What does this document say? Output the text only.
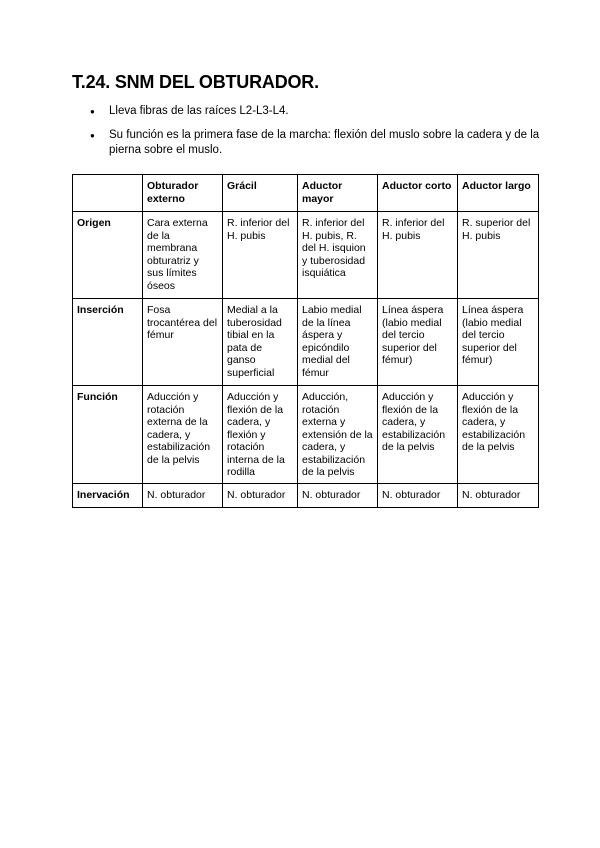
T.24. SNM DEL OBTURADOR.
● Lleva fibras de las raíces L2-L3-L4.
● Su función es la primera fase de la marcha: flexión del muslo sobre la cadera y de la pierna sobre el muslo.
	Obturador externo	Grácil	Aductor mayor	Aductor corto	Aductor largo
Origen	Cara externa de la membrana obturatriz y sus límites óseos	R. inferior del H. pubis	R. inferior del H. pubis, R. del H. isquion y tuberosidad isquiática	R. inferior del H. pubis	R. superior del H. pubis
Inserción	Fosa trocantérea del fémur	Medial a la tuberosidad tibial en la pata de ganso superficial	Labio medial de la línea áspera y epicóndilo medial del fémur	Línea áspera (labio medial del tercio superior del fémur)	Línea áspera (labio medial del tercio superior del fémur)
Función	Aducción y rotación externa de la cadera, y estabilización de la pelvis	Aducción y flexión de la cadera, y flexión y rotación interna de la rodilla	Aducción, rotación externa y extensión de la cadera, y estabilización de la pelvis	Aducción y flexión de la cadera, y estabilización de la pelvis	Aducción y flexión de la cadera, y estabilización de la pelvis
Inervación	N. obturador	N. obturador	N. obturador	N. obturador	N. obturador
